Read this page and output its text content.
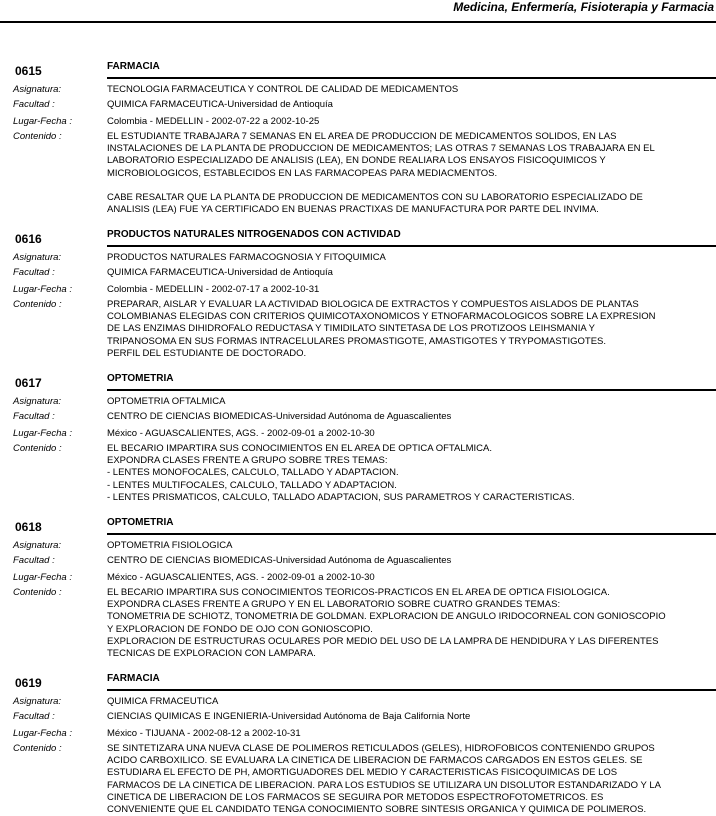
Medicina, Enfermería, Fisioterapia y Farmacia
0615	FARMACIA
Asignatura:	TECNOLOGIA FARMACEUTICA Y CONTROL DE CALIDAD DE MEDICAMENTOS
Facultad :	QUIMICA FARMACEUTICA-Universidad de Antioquía
Lugar-Fecha :	Colombia - MEDELLIN - 2002-07-22 a 2002-10-25
Contenido :	EL ESTUDIANTE TRABAJARA 7 SEMANAS EN EL AREA DE PRODUCCION DE MEDICAMENTOS SOLIDOS, EN LAS
INSTALACIONES DE LA PLANTA DE PRODUCCION DE MEDICAMENTOS; LAS OTRAS 7 SEMANAS LOS TRABAJARA EN EL
LABORATORIO ESPECIALIZADO DE ANALISIS (LEA), EN DONDE REALIARA LOS ENSAYOS FISICOQUIMICOS Y
MICROBIOLOGICOS, ESTABLECIDOS EN LAS FARMACOPEAS PARA MEDIACMENTOS.

CABE RESALTAR QUE LA PLANTA DE PRODUCCION DE MEDICAMENTOS CON SU LABORATORIO ESPECIALIZADO DE
ANALISIS (LEA) FUE YA CERTIFICADO EN BUENAS PRACTIXAS DE MANUFACTURA POR PARTE DEL INVIMA.

0616	PRODUCTOS NATURALES NITROGENADOS CON ACTIVIDAD
Asignatura:	PRODUCTOS NATURALES FARMACOGNOSIA Y FITOQUIMICA
Facultad :	QUIMICA FARMACEUTICA-Universidad de Antioquía
Lugar-Fecha :	Colombia - MEDELLIN - 2002-07-17 a 2002-10-31
Contenido :	PREPARAR, AISLAR Y EVALUAR LA ACTIVIDAD BIOLOGICA DE EXTRACTOS Y COMPUESTOS AISLADOS DE PLANTAS
COLOMBIANAS ELEGIDAS CON CRITERIOS QUIMICOTAXONOMICOS Y ETNOFARMACOLOGICOS SOBRE LA EXPRESION
DE LAS ENZIMAS DIHIDROFALO REDUCTASA Y TIMIDILATO SINTETASA DE LOS PROTIZOOS LEIHSMANIA Y
TRIPANOSOMA EN SUS FORMAS INTRACELULARES PROMASTIGOTE, AMASTIGOTES Y TRYPOMASTIGOTES.
PERFIL DEL ESTUDIANTE DE DOCTORADO.

0617	OPTOMETRIA
Asignatura:	OPTOMETRIA OFTALMICA
Facultad :	CENTRO DE CIENCIAS BIOMEDICAS-Universidad Autónoma de Aguascalientes
Lugar-Fecha :	México - AGUASCALIENTES, AGS. - 2002-09-01 a 2002-10-30
Contenido :	EL BECARIO IMPARTIRA SUS CONOCIMIENTOS EN EL AREA DE OPTICA OFTALMICA.
EXPONDRA CLASES FRENTE A GRUPO SOBRE TRES TEMAS:
- LENTES MONOFOCALES, CALCULO, TALLADO Y ADAPTACION.
- LENTES MULTIFOCALES, CALCULO, TALLADO Y ADAPTACION.
- LENTES PRISMATICOS, CALCULO, TALLADO ADAPTACION, SUS PARAMETROS Y CARACTERISTICAS.

0618	OPTOMETRIA
Asignatura:	OPTOMETRIA FISIOLOGICA
Facultad :	CENTRO DE CIENCIAS BIOMEDICAS-Universidad Autónoma de Aguascalientes
Lugar-Fecha :	México - AGUASCALIENTES, AGS. - 2002-09-01 a 2002-10-30
Contenido :	EL BECARIO IMPARTIRA SUS CONOCIMIENTOS TEORICOS-PRACTICOS EN EL AREA DE OPTICA FISIOLOGICA.
EXPONDRA CLASES FRENTE A GRUPO Y EN EL LABORATORIO SOBRE CUATRO GRANDES TEMAS:
TONOMETRIA DE SCHIOTZ, TONOMETRIA DE GOLDMAN. EXPLORACION DE ANGULO IRIDOCORNEAL CON GONIOSCOPIO
Y EXPLORACION DE FONDO DE OJO CON GONIOSCOPIO.
EXPLORACION DE ESTRUCTURAS OCULARES POR MEDIO DEL USO DE LA LAMPRA DE HENDIDURA Y LAS DIFERENTES
TECNICAS DE EXPLORACION CON LAMPARA.

0619	FARMACIA
Asignatura:	QUIMICA FRMACEUTICA
Facultad :	CIENCIAS QUIMICAS E INGENIERIA-Universidad Autónoma de Baja California Norte
Lugar-Fecha :	México - TIJUANA - 2002-08-12 a 2002-10-31
Contenido :	SE SINTETIZARA UNA NUEVA CLASE DE POLIMEROS RETICULADOS (GELES), HIDROFOBICOS CONTENIENDO GRUPOS
ACIDO CARBOXILICO. SE EVALUARA LA CINETICA DE LIBERACION DE FARMACOS CARGADOS EN ESTOS GELES. SE
ESTUDIARA EL EFECTO DE PH, AMORTIGUADORES DEL MEDIO Y CARACTERISTICAS FISICOQUIMICAS DE LOS
FARMACOS DE LA CINETICA DE LIBERACION. PARA LOS ESTUDIOS SE UTILIZARA UN DISOLUTOR ESTANDARIZADO Y LA
CINETICA DE LIBERACION DE LOS FARMACOS SE SEGUIRA POR METODOS ESPECTROFOTOMETRICOS. ES
CONVENIENTE QUE EL CANDIDATO TENGA CONOCIMIENTO SOBRE SINTESIS ORGANICA Y QUIMICA DE POLIMEROS.
